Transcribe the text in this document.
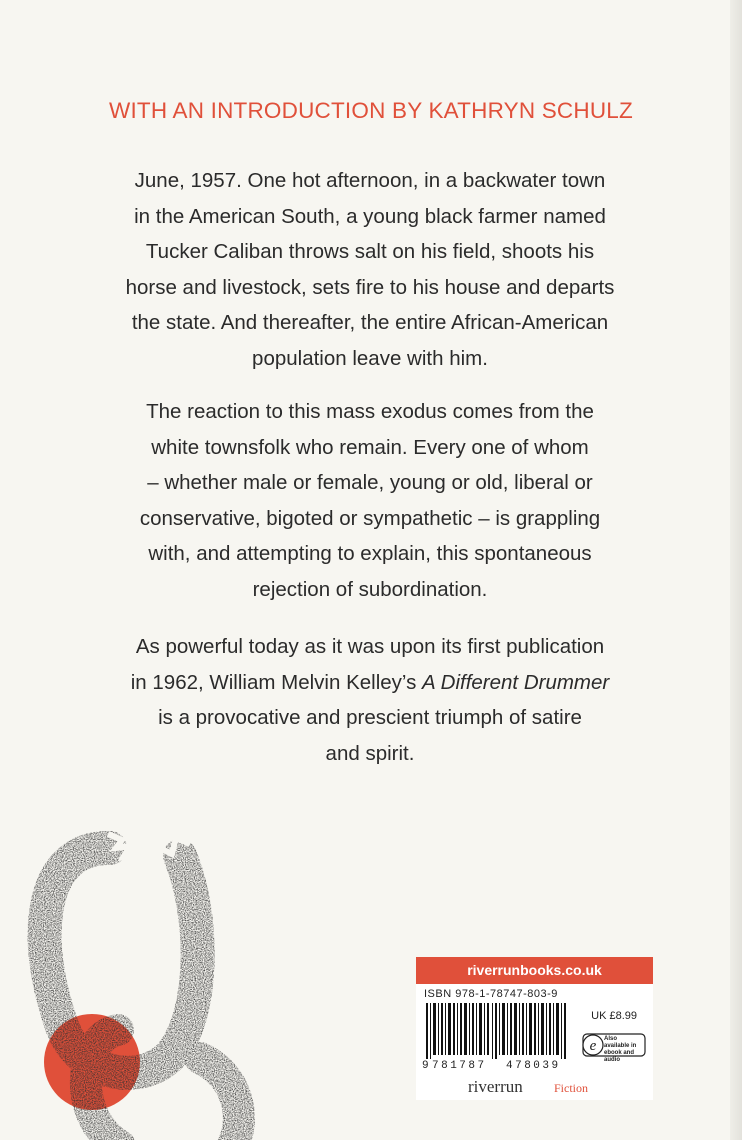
WITH AN INTRODUCTION BY KATHRYN SCHULZ
June, 1957. One hot afternoon, in a backwater town
in the American South, a young black farmer named
Tucker Caliban throws salt on his field, shoots his
horse and livestock, sets fire to his house and departs
the state. And thereafter, the entire African-American
population leave with him.
The reaction to this mass exodus comes from the
white townsfolk who remain. Every one of whom
– whether male or female, young or old, liberal or
conservative, bigoted or sympathetic – is grappling
with, and attempting to explain, this spontaneous
rejection of subordination.
As powerful today as it was upon its first publication
in 1962, William Melvin Kelley’s A Different Drummer
is a provocative and prescient triumph of satire
and spirit.
riverrunbooks.co.uk
ISBN 978-1-78747-803-9
UK £8.99
9 781787 478039
e Also available in ebook and audio
riverrun	Fiction
